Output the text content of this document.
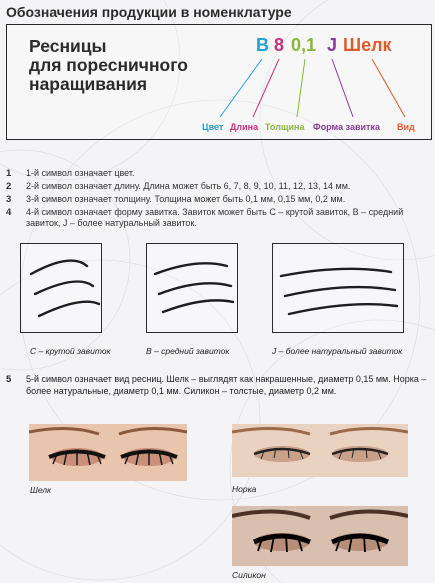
Обозначения продукции в номенклатуре
Ресницы
для поресничного
наращивания
B 8 0,1 J Шелк
Цвет Длина Толщина Форма завитка Вид
1 1-й символ означает цвет.
2 2-й символ означает длину. Длина может быть 6, 7, 8, 9, 10, 11, 12, 13, 14 мм.
3 3-й символ означает толщину. Толщина может быть 0,1 мм, 0,15 мм, 0,2 мм.
4 4-й символ означает форму завитка. Завиток может быть С – крутой завиток, В – средний завиток, J – более натуральный завиток.
С – крутой завиток	В – средний завиток	J – более натуральный завиток
5 5-й символ означает вид ресниц. Шелк – выглядят как накрашенные, диаметр 0,15 мм. Норка – более натуральные, диаметр 0,1 мм. Силикон – толстые, диаметр 0,2 мм.
Шелк	Норка
Силикон
